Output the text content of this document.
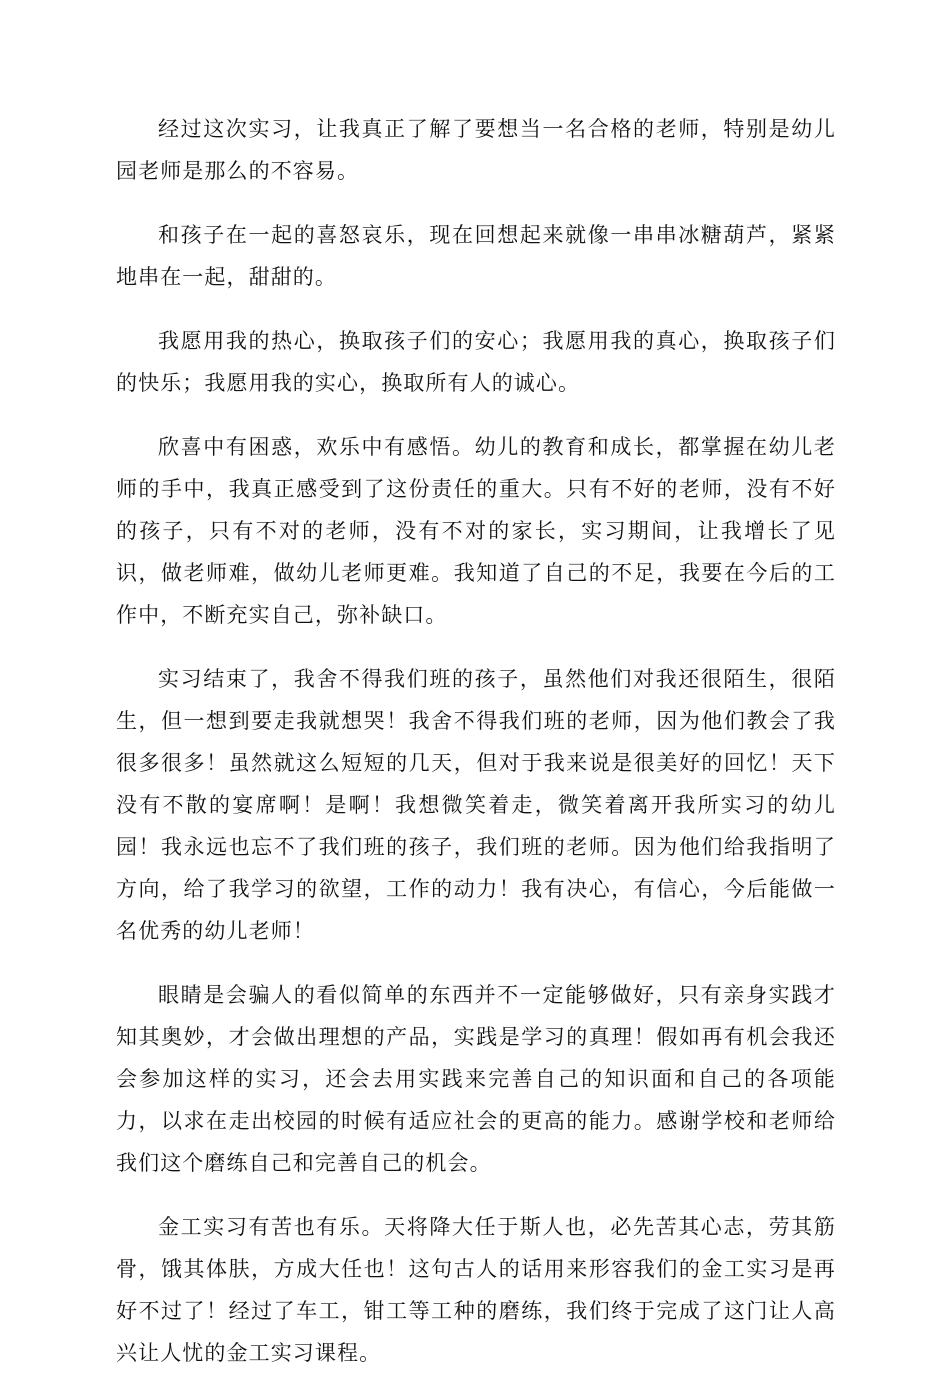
经过这次实习，让我真正了解了要想当一名合格的老师，特别是幼儿园老师是那么的不容易。

和孩子在一起的喜怒哀乐，现在回想起来就像一串串冰糖葫芦，紧紧地串在一起，甜甜的。

我愿用我的热心，换取孩子们的安心；我愿用我的真心，换取孩子们的快乐；我愿用我的实心，换取所有人的诚心。

欣喜中有困惑，欢乐中有感悟。幼儿的教育和成长，都掌握在幼儿老师的手中，我真正感受到了这份责任的重大。只有不好的老师，没有不好的孩子，只有不对的老师，没有不对的家长，实习期间，让我增长了见识，做老师难，做幼儿老师更难。我知道了自己的不足，我要在今后的工作中，不断充实自己，弥补缺口。

实习结束了，我舍不得我们班的孩子，虽然他们对我还很陌生，很陌生，但一想到要走我就想哭！我舍不得我们班的老师，因为他们教会了我很多很多！虽然就这么短短的几天，但对于我来说是很美好的回忆！天下没有不散的宴席啊！是啊！我想微笑着走，微笑着离开我所实习的幼儿园！我永远也忘不了我们班的孩子，我们班的老师。因为他们给我指明了方向，给了我学习的欲望，工作的动力！我有决心，有信心，今后能做一名优秀的幼儿老师！

眼睛是会骗人的看似简单的东西并不一定能够做好，只有亲身实践才知其奥妙，才会做出理想的产品，实践是学习的真理！假如再有机会我还会参加这样的实习，还会去用实践来完善自己的知识面和自己的各项能力，以求在走出校园的时候有适应社会的更高的能力。感谢学校和老师给我们这个磨练自己和完善自己的机会。

金工实习有苦也有乐。天将降大任于斯人也，必先苦其心志，劳其筋骨，饿其体肤，方成大任也！这句古人的话用来形容我们的金工实习是再好不过了！经过了车工，钳工等工种的磨练，我们终于完成了这门让人高兴让人忧的金工实习课程。
